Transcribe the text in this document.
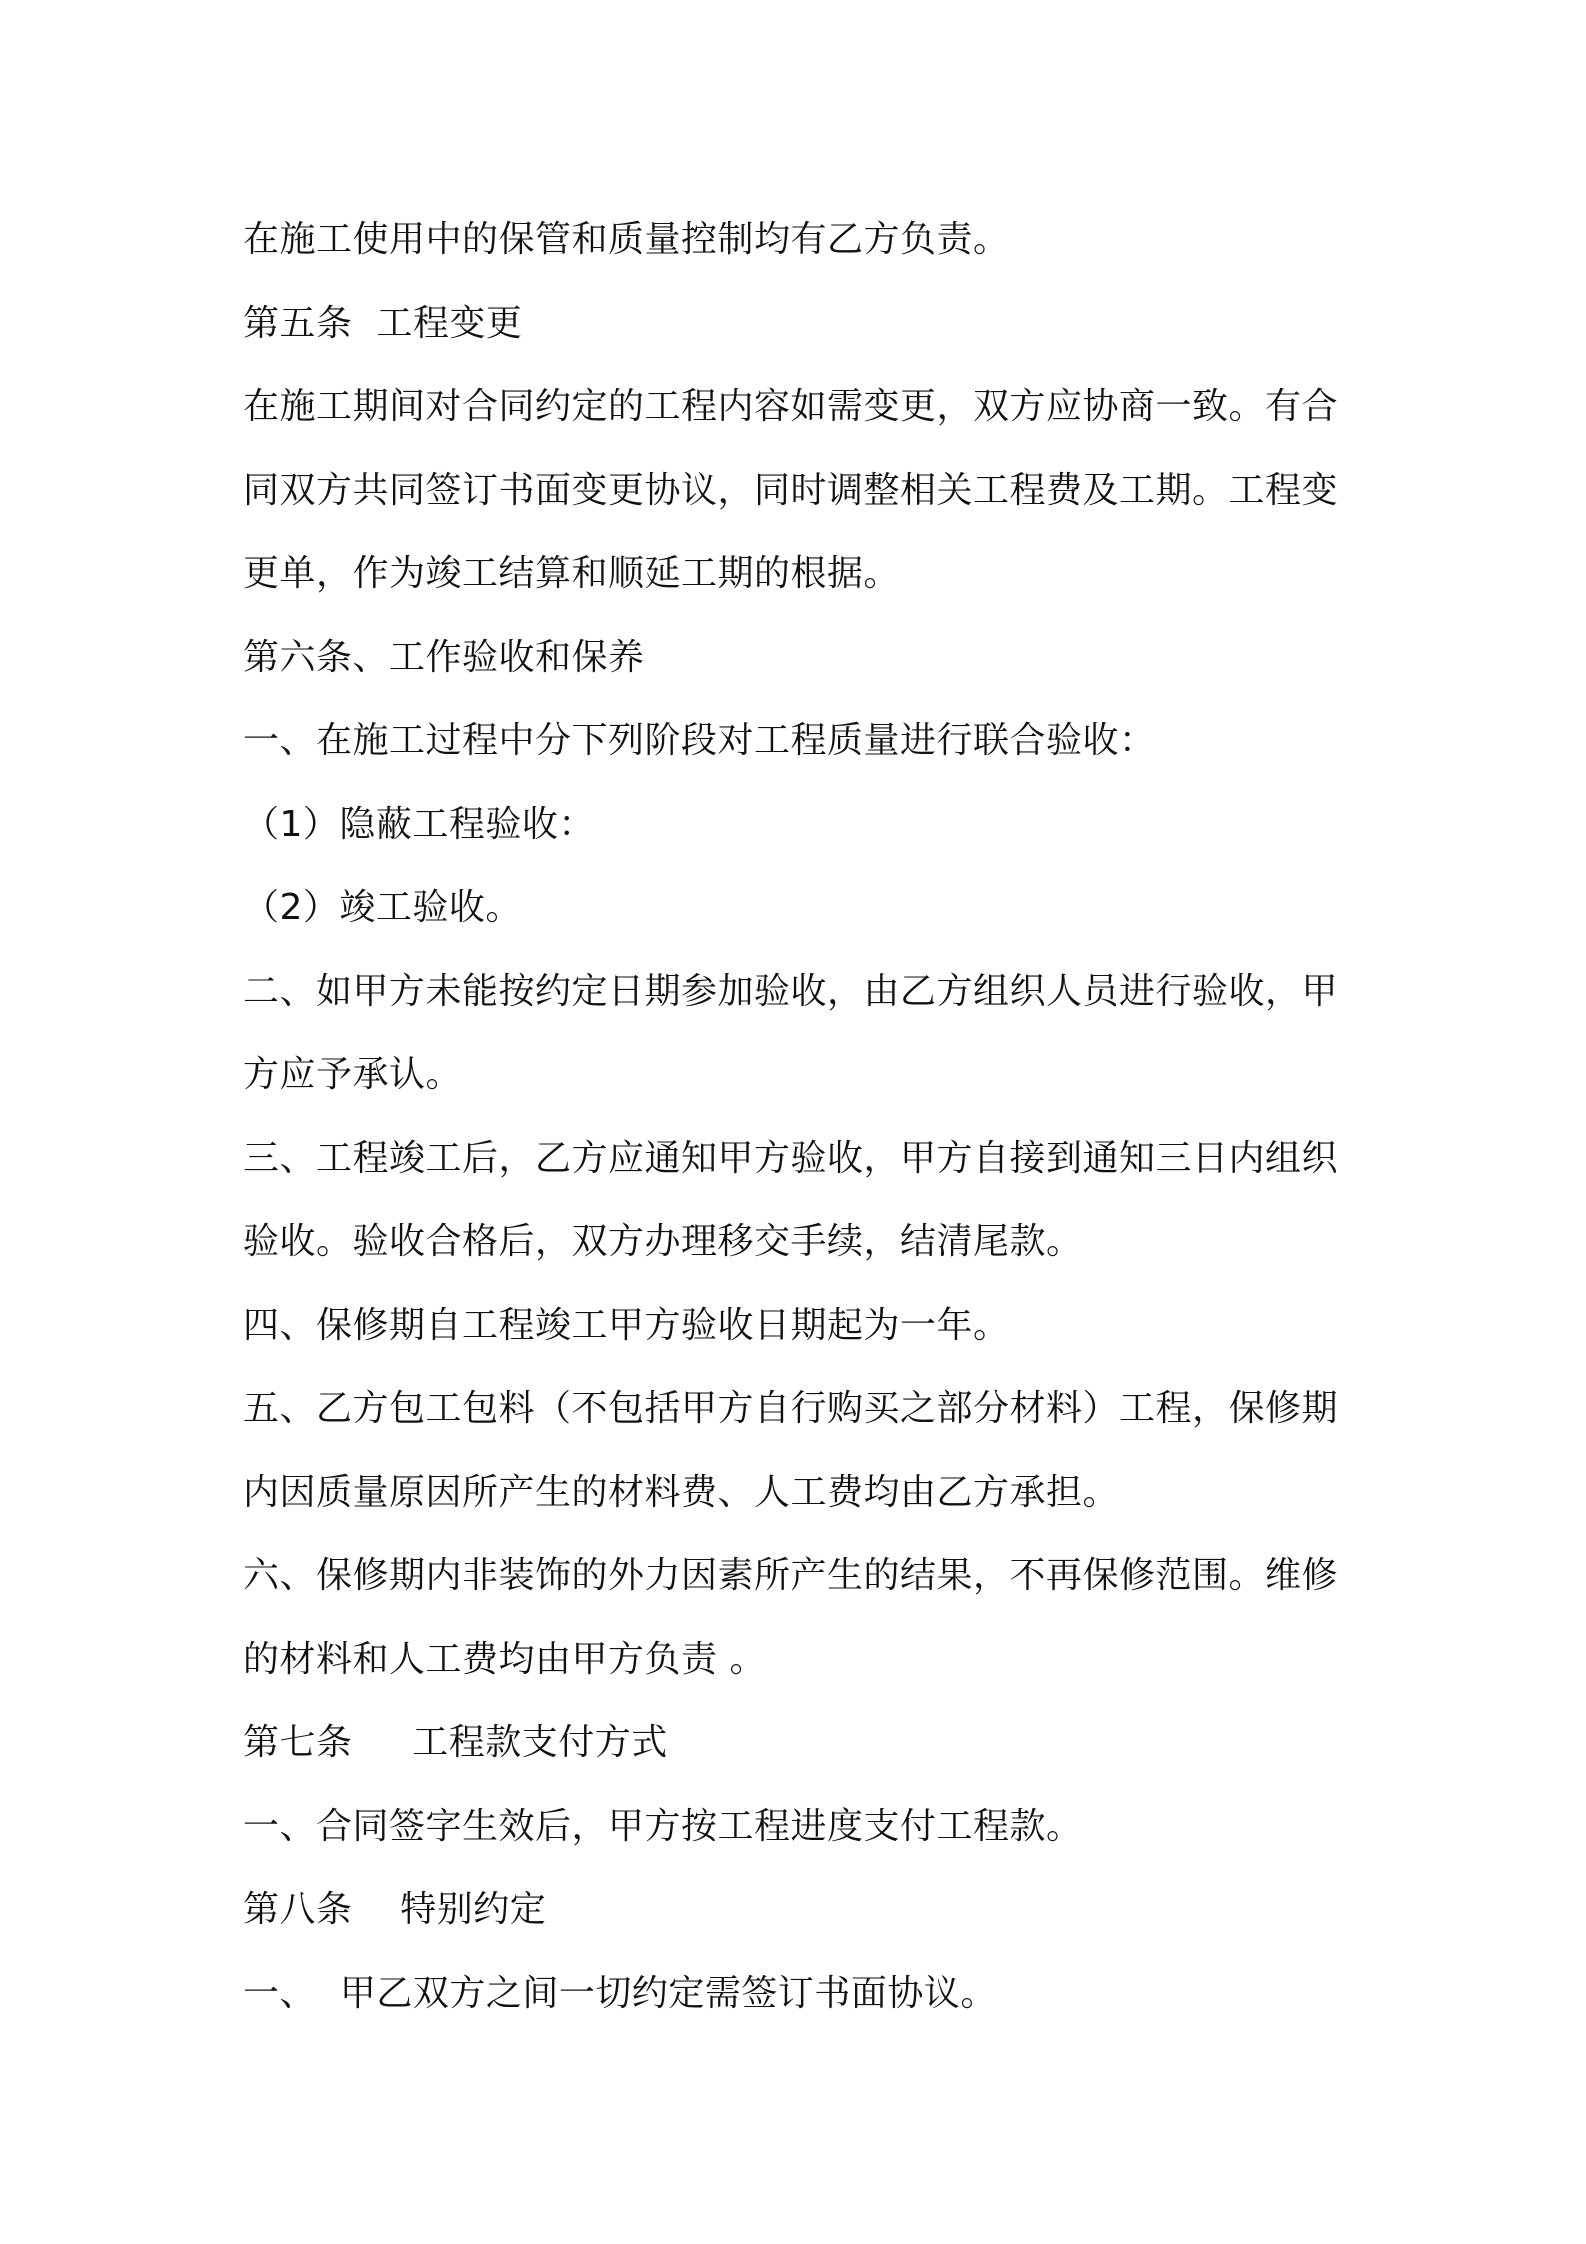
在施工使用中的保管和质量控制均有乙方负责。
第五条  工程变更
在施工期间对合同约定的工程内容如需变更，双方应协商一致。有合
同双方共同签订书面变更协议，同时调整相关工程费及工期。工程变
更单，作为竣工结算和顺延工期的根据。
第六条、工作验收和保养
一、在施工过程中分下列阶段对工程质量进行联合验收：
（1）隐蔽工程验收：
（2）竣工验收。
二、如甲方未能按约定日期参加验收，由乙方组织人员进行验收，甲
方应予承认。
三、工程竣工后，乙方应通知甲方验收，甲方自接到通知三日内组织
验收。验收合格后，双方办理移交手续，结清尾款。
四、保修期自工程竣工甲方验收日期起为一年。
五、乙方包工包料（不包括甲方自行购买之部分材料）工程，保修期
内因质量原因所产生的材料费、人工费均由乙方承担。
六、保修期内非装饰的外力因素所产生的结果，不再保修范围。维修
的材料和人工费均由甲方负责 。
第七条     工程款支付方式
一、合同签字生效后，甲方按工程进度支付工程款。
第八条    特别约定
一、  甲乙双方之间一切约定需签订书面协议。
